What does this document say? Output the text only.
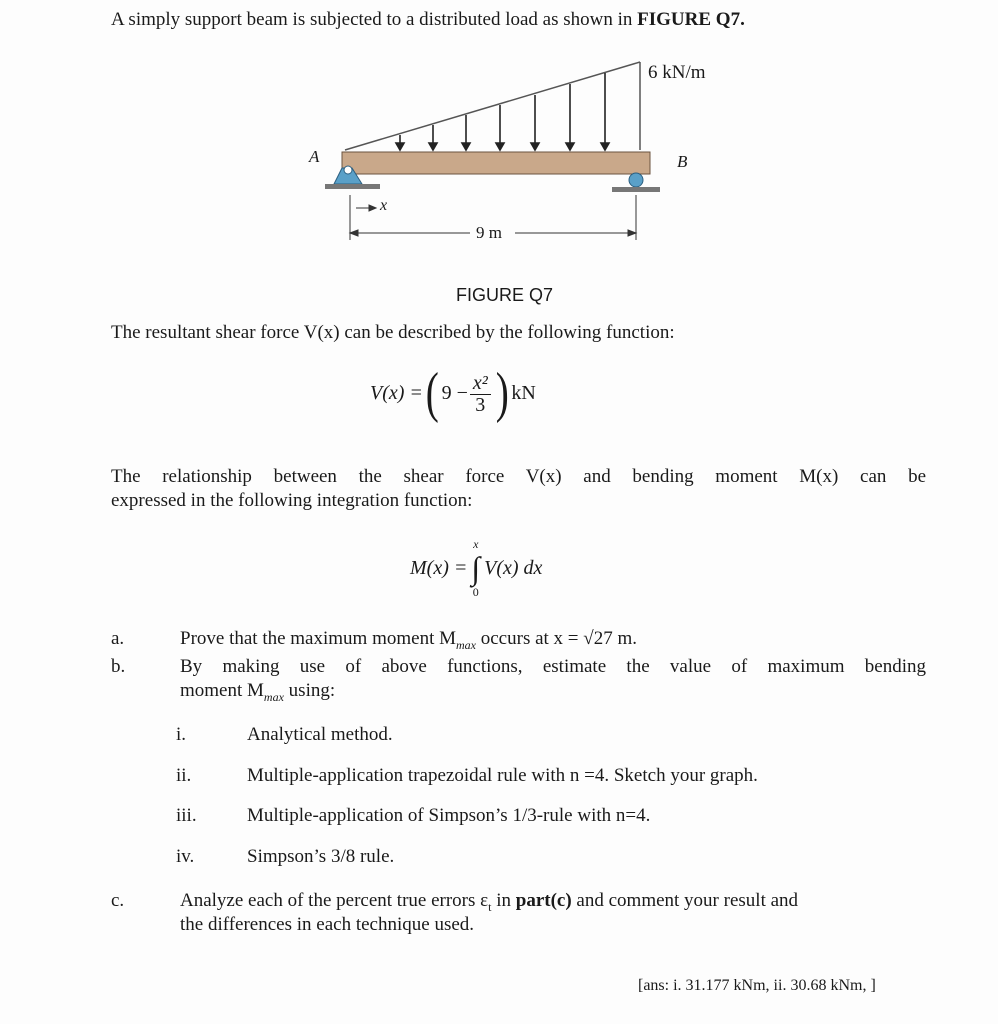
A simply support beam is subjected to a distributed load as shown in FIGURE Q7.
6 kN/m
A	B
x
9 m
FIGURE Q7
The resultant shear force V(x) can be described by the following function:
V(x) = ( $9 - \frac{\text{x²}}{3}$ ) kN
The relationship between the shear force V(x) and bending moment M(x) can be
expressed in the following integration function:
M(x) =
x
∫
0
V(x) dx
a.	Prove that the maximum moment $M_{max}$ occurs at x = √27 m.
b.	By making use of above functions, estimate the value of maximum bending
moment $M_{max}$ using:
i.	Analytical method.
ii.	Multiple-application trapezoidal rule with n =4. Sketch your graph.
iii.	Multiple-application of Simpson’s 1/3-rule with n=4.
iv.	Simpson’s 3/8 rule.
c.	Analyze each of the percent true errors $\varepsilon_t$ in part(c) and comment your result and
the differences in each technique used.
[ans: i. 31.177 kNm, ii. 30.68 kNm, ]
